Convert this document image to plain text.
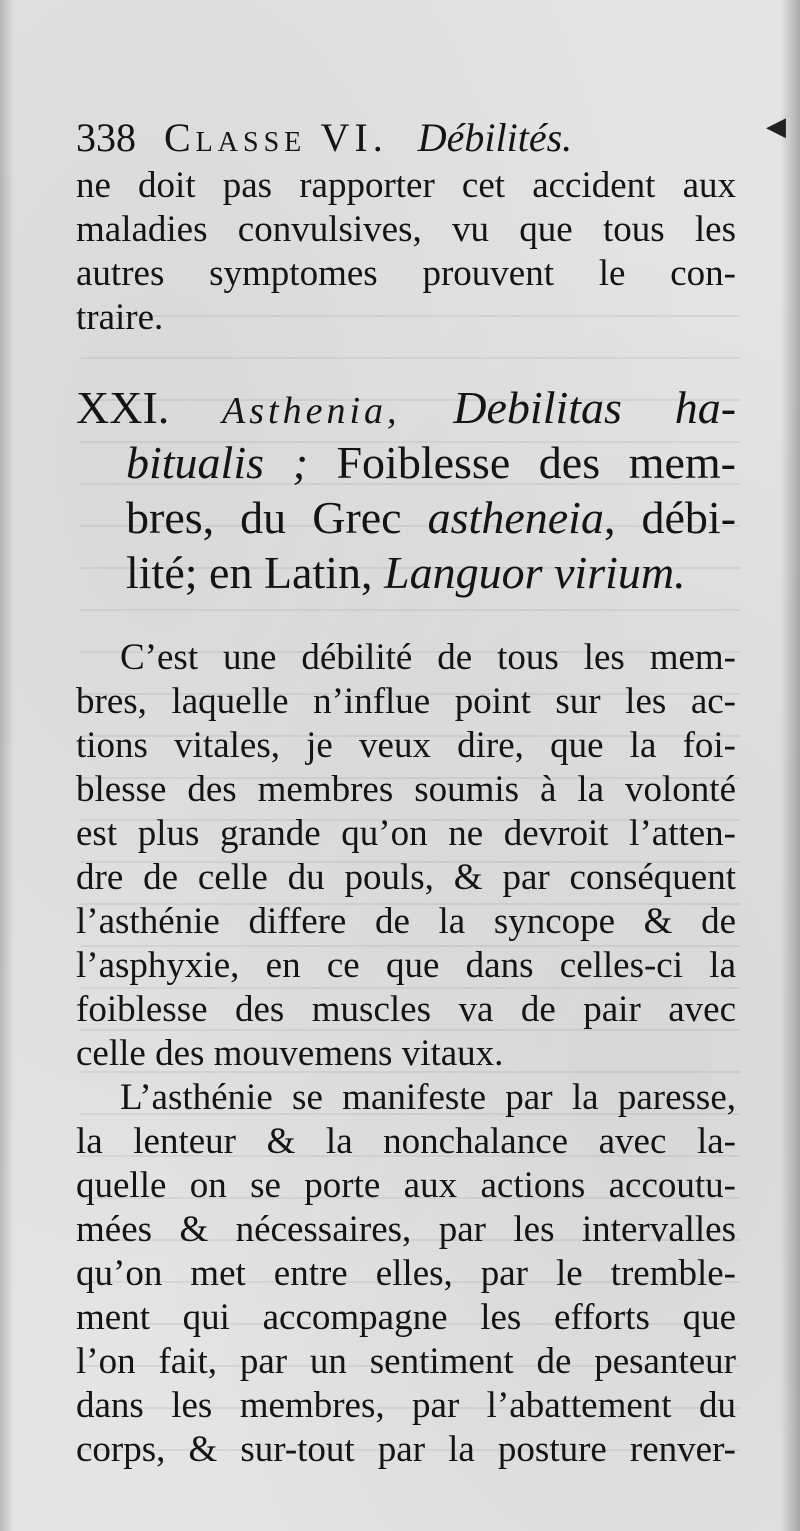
◀
338 Classe VI. Débilités.
ne doit pas rapporter cet accident aux
maladies convulsives, vu que tous les
autres symptomes prouvent le con-
traire.
XXI. Asthenia, Debilitas ha-
bitualis ; Foiblesse des mem-
bres, du Grec astheneia, débi-
lité; en Latin, Languor virium.
C’est une débilité de tous les mem-
bres, laquelle n’influe point sur les ac-
tions vitales, je veux dire, que la foi-
blesse des membres soumis à la volonté
est plus grande qu’on ne devroit l’atten-
dre de celle du pouls, & par conséquent
l’asthénie differe de la syncope & de
l’asphyxie, en ce que dans celles-ci la
foiblesse des muscles va de pair avec
celle des mouvemens vitaux.
L’asthénie se manifeste par la paresse,
la lenteur & la nonchalance avec la-
quelle on se porte aux actions accoutu-
mées & nécessaires, par les intervalles
qu’on met entre elles, par le tremble-
ment qui accompagne les efforts que
l’on fait, par un sentiment de pesanteur
dans les membres, par l’abattement du
corps, & sur-tout par la posture renver-
